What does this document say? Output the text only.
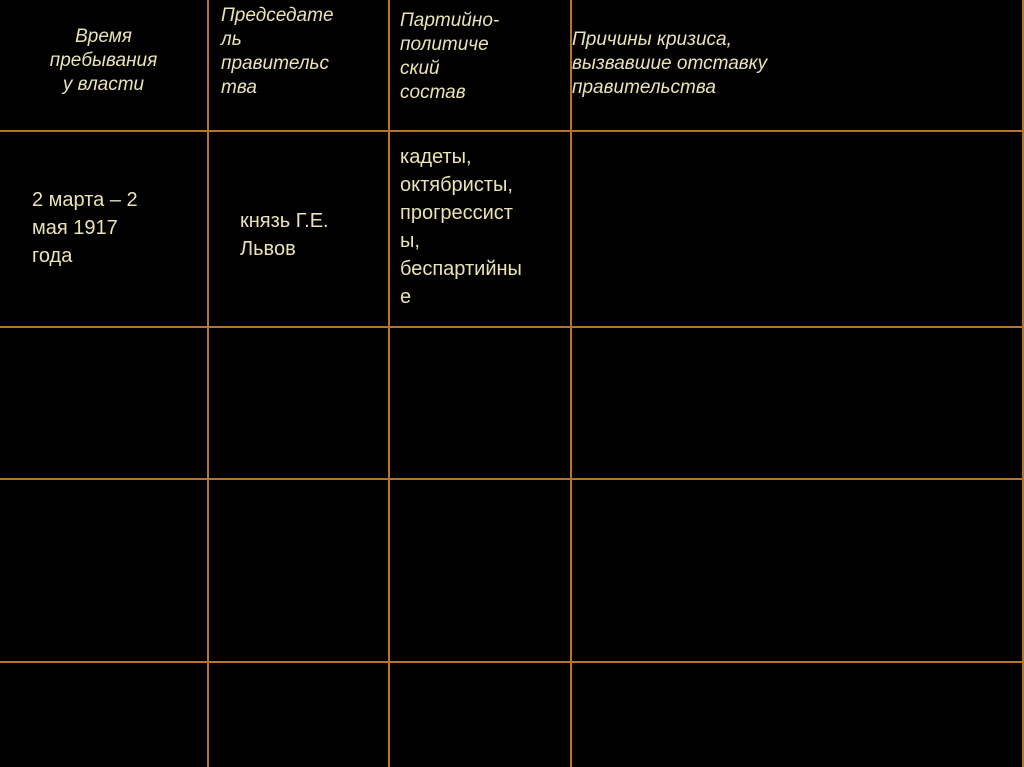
Время
пребывания
у власти
Председате
ль
правительс
тва
Партийно-
политиче
ский
состав
Причины кризиса,
вызвавшие отставку
правительства
2 марта – 2
мая 1917
года
князь Г.Е.
Львов
кадеты,
октябристы,
прогрессист
ы,
беспартийны
е
